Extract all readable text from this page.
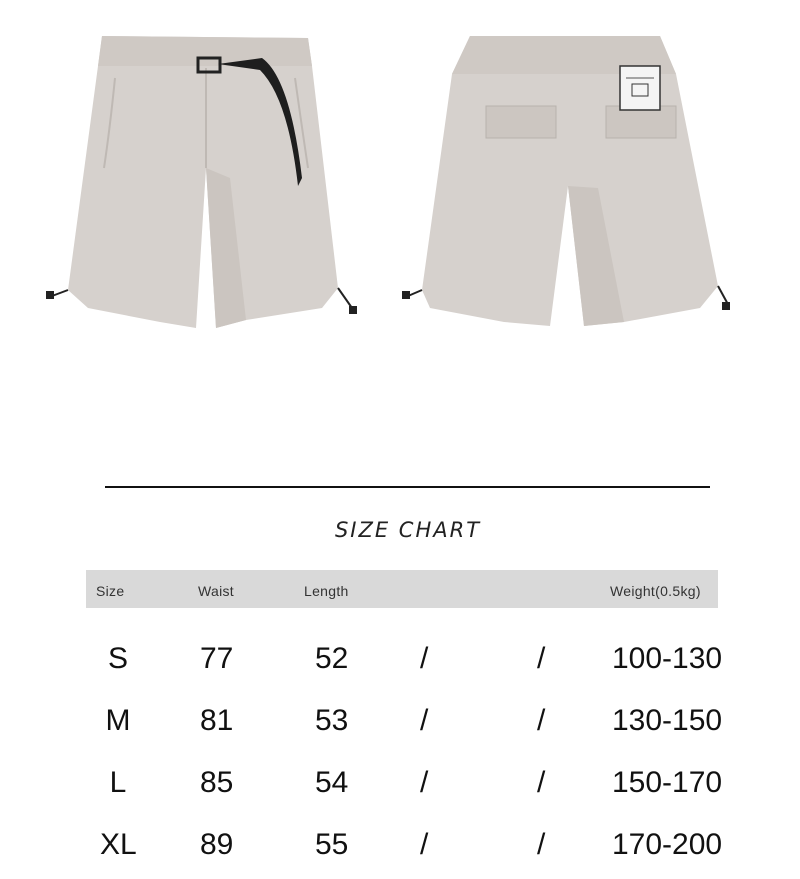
SIZE CHART
Size	Waist	Length	Weight(0.5kg)
S 77	52 /	/ 100-130
M 81	53 /	/ 130-150
L	85	54 /	/ 150-170
XL 89	55 /	/ 170-200
